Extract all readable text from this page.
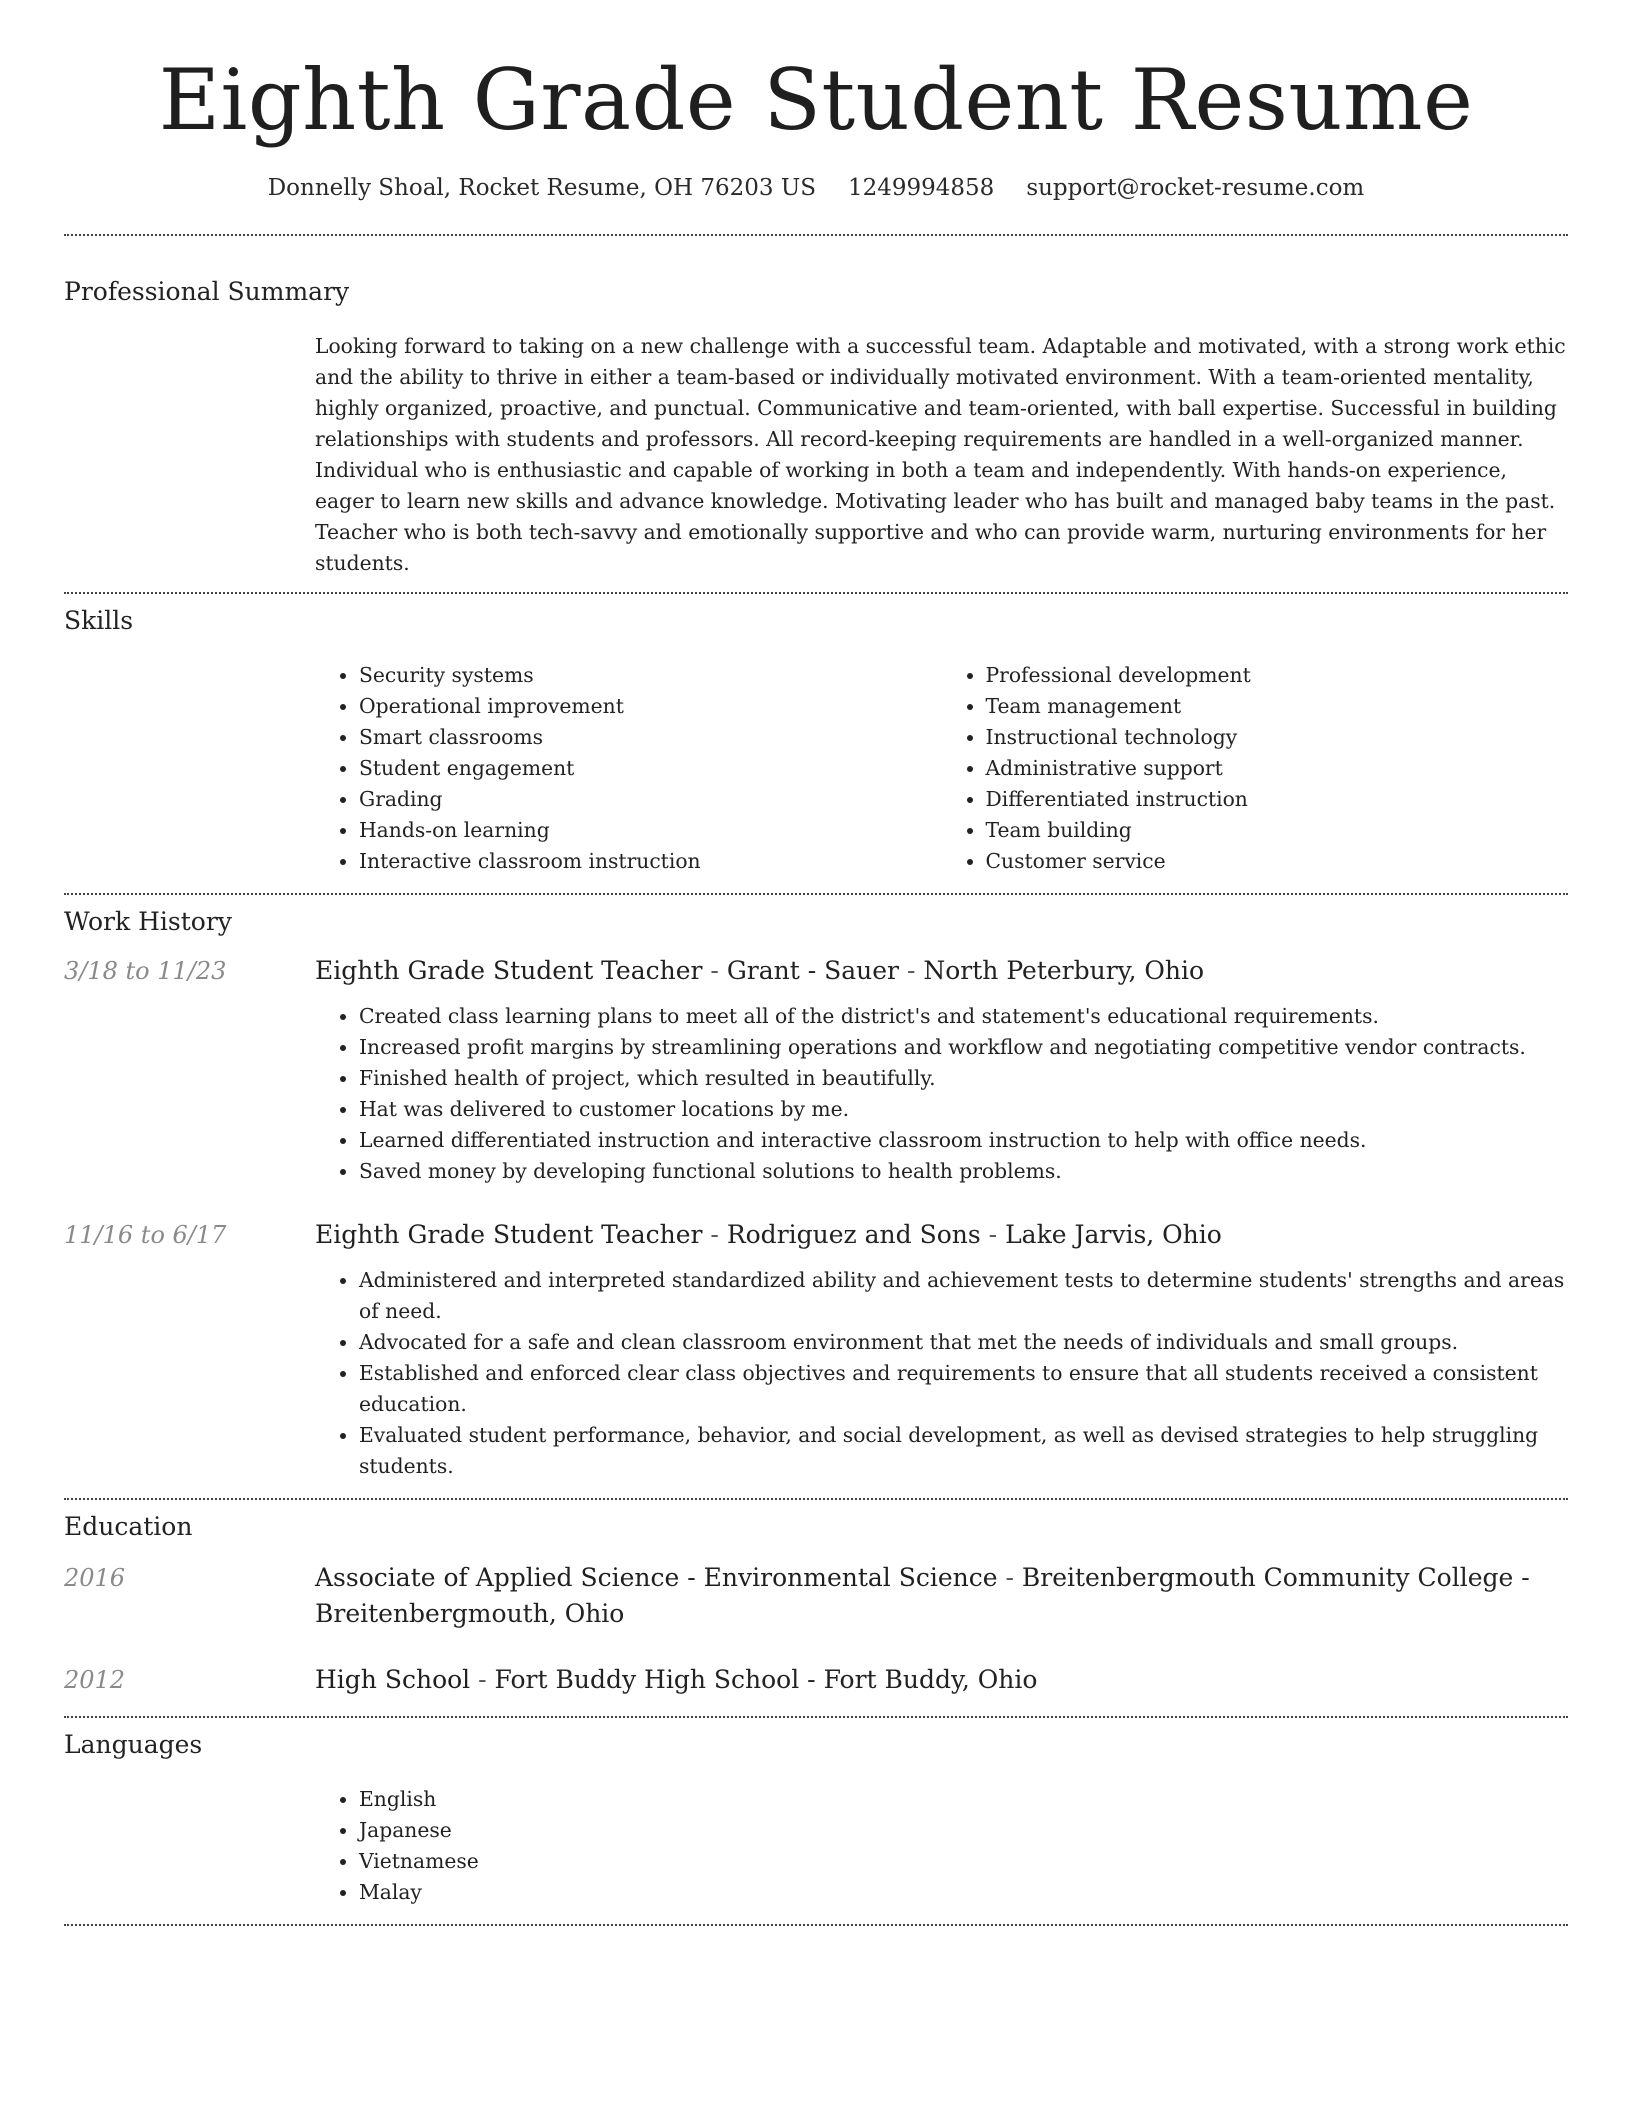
Eighth Grade Student Resume
Donnelly Shoal, Rocket Resume, OH 76203 US 1249994858 support@rocket-resume.com
Professional Summary

Looking forward to taking on a new challenge with a successful team. Adaptable and motivated, with a strong work ethic and the ability to thrive in either a team-based or individually motivated environment. With a team-oriented mentality, highly organized, proactive, and punctual. Communicative and team-oriented, with ball expertise. Successful in building relationships with students and professors. All record-keeping requirements are handled in a well-organized manner. Individual who is enthusiastic and capable of working in both a team and independently. With hands-on experience, eager to learn new skills and advance knowledge. Motivating leader who has built and managed baby teams in the past. Teacher who is both tech-savvy and emotionally supportive and who can provide warm, nurturing environments for her students.

Skills
• Security systems
• Operational improvement
• Smart classrooms
• Student engagement
• Grading
• Hands-on learning
• Interactive classroom instruction
• Professional development
• Team management
• Instructional technology
• Administrative support
• Differentiated instruction
• Team building
• Customer service
Work History
3/18 to 11/23	Eighth Grade Student Teacher - Grant - Sauer - North Peterbury, Ohio
• Created class learning plans to meet all of the district's and statement's educational requirements.
• Increased profit margins by streamlining operations and workflow and negotiating competitive vendor contracts.
• Finished health of project, which resulted in beautifully.
• Hat was delivered to customer locations by me.
• Learned differentiated instruction and interactive classroom instruction to help with office needs.
• Saved money by developing functional solutions to health problems.
11/16 to 6/17	Eighth Grade Student Teacher - Rodriguez and Sons - Lake Jarvis, Ohio
• Administered and interpreted standardized ability and achievement tests to determine students' strengths and areas of need.
• Advocated for a safe and clean classroom environment that met the needs of individuals and small groups.
• Established and enforced clear class objectives and requirements to ensure that all students received a consistent education.
• Evaluated student performance, behavior, and social development, as well as devised strategies to help struggling students.
Education
2016	Associate of Applied Science - Environmental Science - Breitenbergmouth Community College - Breitenbergmouth, Ohio
2012	High School - Fort Buddy High School - Fort Buddy, Ohio
Languages
• English
• Japanese
• Vietnamese
• Malay
